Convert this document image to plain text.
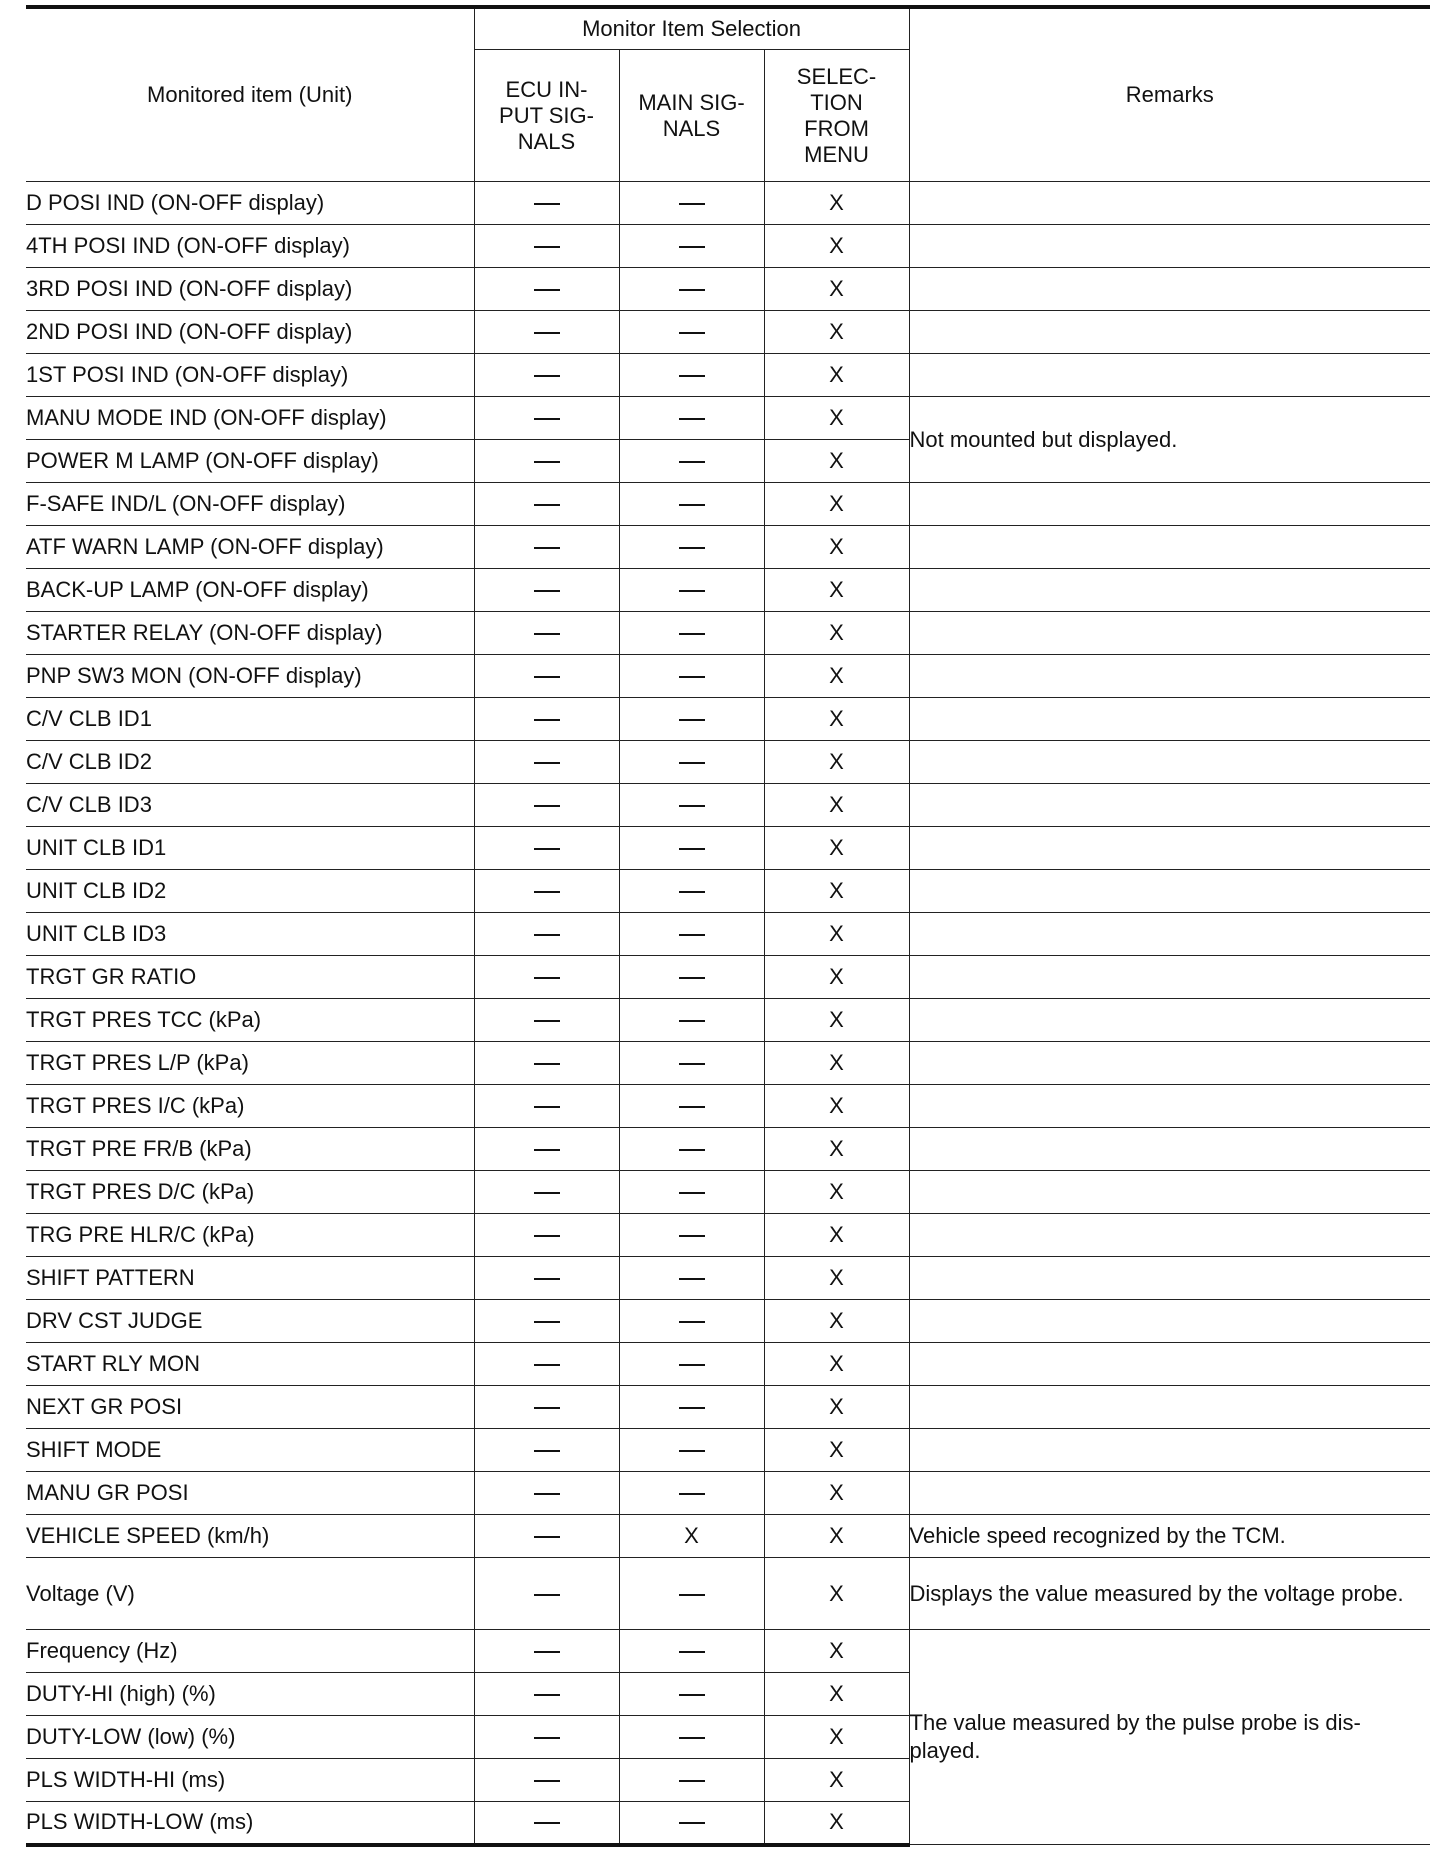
Monitored item (Unit)	Monitor Item Selection			Remarks
	ECU IN-
PUT SIG-
NALS	MAIN SIG-
NALS	SELEC-
TION
FROM
MENU	
D POSI IND (ON-OFF display)			X	
4TH POSI IND (ON-OFF display)			X	
3RD POSI IND (ON-OFF display)			X	
2ND POSI IND (ON-OFF display)			X	
1ST POSI IND (ON-OFF display)			X	
MANU MODE IND (ON-OFF display)			X	Not mounted but displayed.
POWER M LAMP (ON-OFF display)			X	
F-SAFE IND/L (ON-OFF display)			X	
ATF WARN LAMP (ON-OFF display)			X	
BACK-UP LAMP (ON-OFF display)			X	
STARTER RELAY (ON-OFF display)			X	
PNP SW3 MON (ON-OFF display)			X	
C/V CLB ID1			X	
C/V CLB ID2			X	
C/V CLB ID3			X	
UNIT CLB ID1			X	
UNIT CLB ID2			X	
UNIT CLB ID3			X	
TRGT GR RATIO			X	
TRGT PRES TCC (kPa)			X	
TRGT PRES L/P (kPa)			X	
TRGT PRES I/C (kPa)			X	
TRGT PRE FR/B (kPa)			X	
TRGT PRES D/C (kPa)			X	
TRG PRE HLR/C (kPa)			X	
SHIFT PATTERN			X	
DRV CST JUDGE			X	
START RLY MON			X	
NEXT GR POSI			X	
SHIFT MODE			X	
MANU GR POSI			X	
VEHICLE SPEED (km/h)		X	X	Vehicle speed recognized by the TCM.
Voltage (V)			X	Displays the value measured by the voltage probe.
Frequency (Hz)			X	The value measured by the pulse probe is dis-
played.
DUTY-HI (high) (%)			X	
DUTY-LOW (low) (%)			X	
PLS WIDTH-HI (ms)			X	
PLS WIDTH-LOW (ms)			X	
